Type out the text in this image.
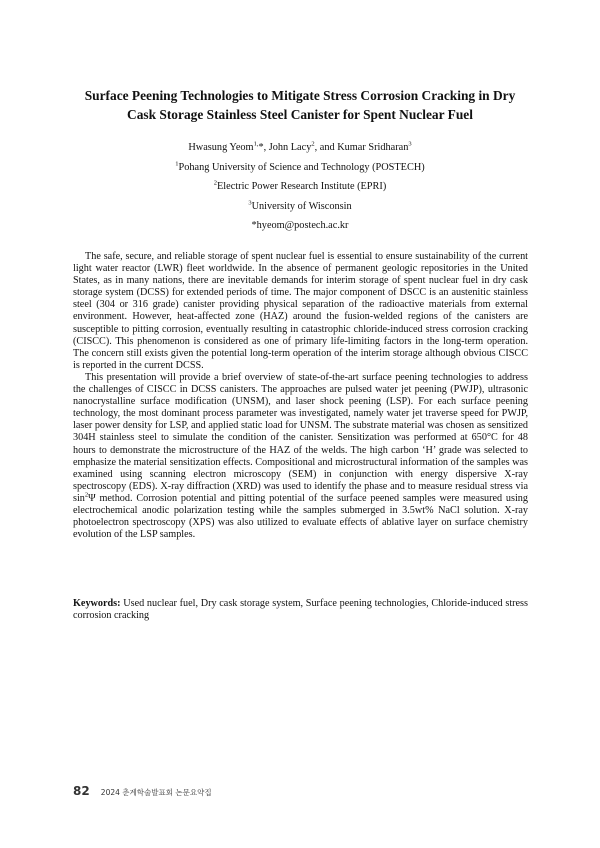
Surface Peening Technologies to Mitigate Stress Corrosion Cracking in Dry
Cask Storage Stainless Steel Canister for Spent Nuclear Fuel
Hwasung Yeom$^{1,}$*, John Lacy$^2$, and Kumar Sridharan$^3$
$^1$Pohang University of Science and Technology (POSTECH)
$^2$Electric Power Research Institute (EPRI)
$^3$University of Wisconsin
*hyeom@postech.ac.kr

The safe, secure, and reliable storage of spent nuclear fuel is essential to ensure sustainability of the current light water reactor (LWR) fleet worldwide. In the absence of permanent geologic repositories in the United States, as in many nations, there are inevitable demands for interim storage of spent nuclear fuel in dry cask storage system (DCSS) for extended periods of time. The major component of DSCC is an austenitic stainless steel (304 or 316 grade) canister providing physical separation of the radioactive materials from external environment. However, heat-affected zone (HAZ) around the fusion-welded regions of the canisters are susceptible to pitting corrosion, eventually resulting in catastrophic chloride-induced stress corrosion cracking (CISCC). This phenomenon is considered as one of primary life-limiting factors in the long-term operation. The concern still exists given the potential long-term operation of the interim storage although obvious CISCC is reported in the current DCSS.

This presentation will provide a brief overview of state-of-the-art surface peening technologies to address the challenges of CISCC in DCSS canisters. The approaches are pulsed water jet peening (PWJP), ultrasonic nanocrystalline surface modification (UNSM), and laser shock peening (LSP). For each surface peening technology, the most dominant process parameter was investigated, namely water jet traverse speed for PWJP, laser power density for LSP, and applied static load for UNSM. The substrate material was chosen as sensitized 304H stainless steel to simulate the condition of the canister. Sensitization was performed at 650°C for 48 hours to demonstrate the microstructure of the HAZ of the welds. The high carbon ‘H’ grade was selected to emphasize the material sensitization effects. Compositional and microstructural information of the samples was examined using scanning electron microscopy (SEM) in conjunction with energy dispersive X-ray spectroscopy (EDS). X-ray diffraction (XRD) was used to identify the phase and to measure residual stress via $\sin^2\Psi$ method. Corrosion potential and pitting potential of the surface peened samples were measured using electrochemical anodic polarization testing while the samples submerged in 3.5wt% NaCl solution. X-ray photoelectron spectroscopy (XPS) was also utilized to evaluate effects of ablative layer on surface chemistry evolution of the LSP samples.

Keywords: Used nuclear fuel, Dry cask storage system, Surface peening technologies, Chloride-induced stress corrosion cracking
82 2024 춘계학술발표회 논문요약집
